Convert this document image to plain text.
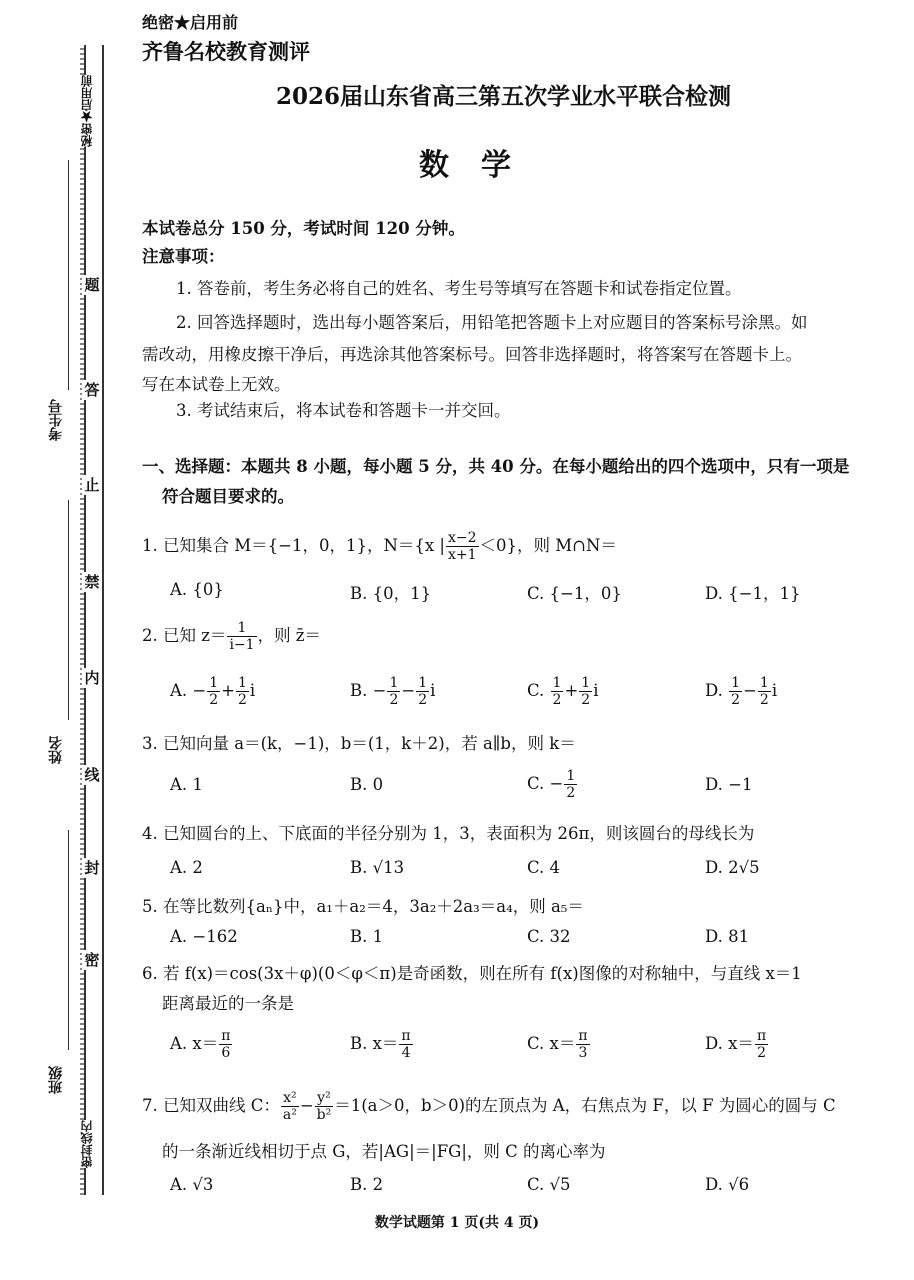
秘密★启用前
题
答
止
禁
内
线
封
密
密封线内
考生号
姓名
班级
绝密★启用前
齐鲁名校教育测评
2026届山东省高三第五次学业水平联合检测
数学
本试卷总分 150 分，考试时间 120 分钟。
注意事项：
1. 答卷前，考生务必将自己的姓名、考生号等填写在答题卡和试卷指定位置。
2. 回答选择题时，选出每小题答案后，用铅笔把答题卡上对应题目的答案标号涂黑。如
需改动，用橡皮擦干净后，再选涂其他答案标号。回答非选择题时，将答案写在答题卡上。
写在本试卷上无效。
3. 考试结束后，将本试卷和答题卡一并交回。
一、选择题：本题共 8 小题，每小题 5 分，共 40 分。在每小题给出的四个选项中，只有一项是
符合题目要求的。
1. 已知集合 M＝{−1，0，1}，N＝{x | $\frac{x-2}{x+1} <0$}，则 M∩N＝
A. {0}	B. {0，1}	C. {−1，0}	D. {−1，1}
2. 已知 $z= \frac{1}{i-1}$ ，则 z̄＝
A. − $\frac{1}{2} + \frac{1}{2}$ i	B. − $\frac{1}{2} - \frac{1}{2}$ i	C. $\frac{1}{2} + \frac{1}{2}$ i	D. $\frac{1}{2} - \frac{1}{2}$ i
3. 已知向量 a＝(k，−1)，b＝(1，k＋2)，若 a∥b，则 k＝
A. 1	B. 0	C. − $\frac{1}{2}$	D. −1
4. 已知圆台的上、下底面的半径分别为 1，3，表面积为 26π，则该圆台的母线长为
A. 2	B. √13	C. 4	D. 2√5
5. 在等比数列{aₙ}中，a₁＋a₂＝4，3a₂＋2a₃＝a₄，则 a₅＝
A. −162	B. 1	C. 32	D. 81
6. 若 f(x)＝cos(3x＋φ)(0＜φ＜π)是奇函数，则在所有 f(x)图像的对称轴中，与直线 x＝1
距离最近的一条是
A. $x= \frac{\pi}{6}$	B. $x= \frac{\pi}{4}$	C. $x= \frac{\pi}{3}$	D. $x= \frac{\pi}{2}$
7. 已知双曲线 C： $\frac{\text{x²}}{\text{a²}} - \frac{\text{y²}}{\text{b²}} =1(a>0$，b＞0)的左顶点为 A，右焦点为 F，以 F 为圆心的圆与 C
的一条渐近线相切于点 G，若|AG|＝|FG|，则 C 的离心率为
A. √3	B. 2	C. √5	D. √6
数学试题第 1 页(共 4 页)
